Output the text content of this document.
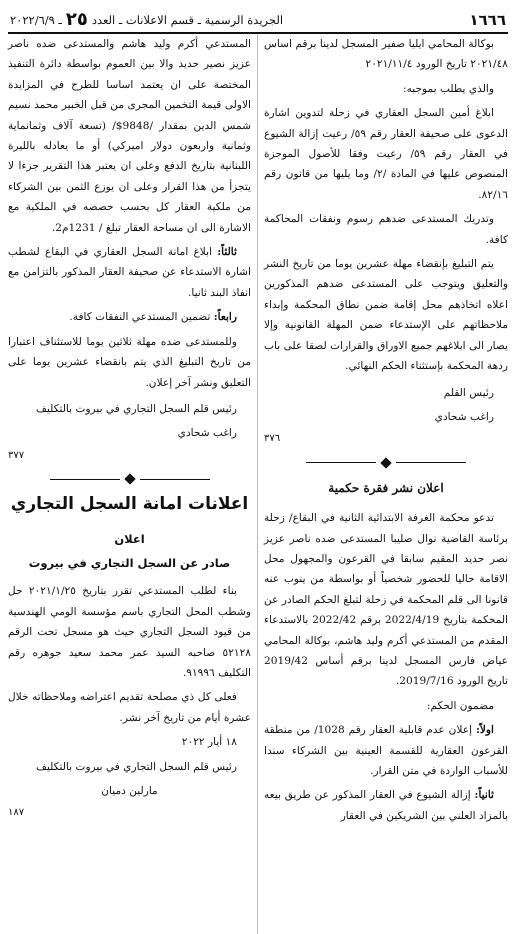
١٦٦٦
الجريدة الرسمية ـ قسم الاعلانات ـ العدد
٢٥
ـ ٢٠٢٢/٦/٩

بوكالة المحامي ايليا صفير المسجل لدينا برقم اساس ٢٠٢١/٤٨ تاريخ الورود ٢٠٢١/١١/٤

والذي يطلب بموجبه:

ابلاغ أمين السجل العقاري في زحلة لتدوين اشارة الدعوى على صحيفة العقار رقم ٥٩/ رعيت إزالة الشيوع في العقار رقم ٥٩/ رعيت وفقا للأصول الموجزة المنصوص عليها في المادة /٢/ وما يليها من قانون رقم ٨٢/١٦.

وتدريك المستدعى ضدهم رسوم ونفقات المحاكمة كافة.

يتم التبليغ بإنقضاء مهلة عشرين يوما من تاريخ النشر والتعليق ويتوجب على المستدعى ضدهم المذكورين اعلاه اتخاذهم محل إقامة ضمن نطاق المحكمة وإبداء ملاحظاتهم على الإستدعاء ضمن المهلة القانونية وإلا يصار الى ابلاغهم جميع الاوراق والقرارات لصقا على باب ردهة المحكمة بإستثناء الحكم النهائي.

رئيس القلم

راغب شحادي

٣٧٦
اعلان نشر فقرة حكمية

تدعو محكمة الغرفة الابتدائية الثانية في البقاع/ زحلة برئاسة القاضية نوال صليبا المستدعى ضده ناصر عزيز نصر حديد المقيم سابقا في القرعون والمجهول محل الاقامة حاليا للحضور شخصياً أو بواسطة من ينوب عنه قانونا الى قلم المحكمة في زحلة لتبلغ الحكم الصادر عن المحكمة بتاريخ 2022/4/19 برقم 2022/42 بالاستدعاء المقدم من المستدعي أكرم وليد هاشم، بوكالة المحامي عياض فارس المسجل لدينا برقم أساس 2019/42 تاريخ الورود 2019/7/16.

مضمون الحكم:

اولاً: إعلان عدم قابلية العقار رقم 1028/ من منطقة القرعون العقارية للقسمة العينية بين الشركاء سندا للأسباب الواردة في متن القرار.

ثانياً: إزالة الشيوع في العقار المذكور عن طريق بيعه بالمزاد العلني بين الشريكين في العقار

المستدعي أكرم وليد هاشم والمستدعى ضده ناصر عزيز نصير حديد والا بين العموم بواسطة دائرة التنفيذ المختصة على ان يعتمد اساسا للطرح في المزايدة الاولى قيمة التخمين المجرى من قبل الخبير محمد نسيم شمس الدين بمقدار /9848$/ (تسعة آلاف وثمانماية وثمانية واربعون دولار اميركي) أو ما يعادله بالليرة اللبنانية بتاريخ الدفع وعلى ان يعتبر هذا التقرير جزءا لا يتجزأ من هذا القرار وعلى ان يوزع الثمن بين الشركاء من ملكية العقار كل بحسب حصصه في الملكية مع الاشارة الى ان مساحة العقار تبلغ / 1231م2.

ثالثاً: ابلاغ امانة السجل العقاري في البقاع لشطب اشارة الاستدعاء عن صحيفة العقار المذكور بالتزامن مع انفاذ البند ثانيا.

رابعاً: تضمين المستدعي النفقات كافة.

وللمستدعى ضده مهلة ثلاثين يوما للاستئناف اعتبارا من تاريخ التبليغ الذي يتم بانقضاء عشرين يوما على التعليق ونشر آخر إعلان.

رئيس قلم السجل التجاري في بيروت بالتكليف

راغب شحادي

٣٧٧
اعلانات امانة السجل التجاري
اعلان
صادر عن السجل التجاري في بيروت

بناء لطلب المستدعي تقرر بتاريخ ٢٠٢١/١/٢٥ حل وشطب المحل التجاري باسم مؤسسة الومي الهندسية من قيود السجل التجاري حيث هو مسجل تحت الرقم ٥٢١٢٨ صاحبه السيد عمر محمد سعيد جوهره رقم التكليف ٩١٩٩٦.

فعلى كل ذي مصلحة تقديم اعتراضه وملاحظاته خلال عشرة أيام من تاريخ آخر نشر.

١٨ أيار ٢٠٢٢

رئيس قلم السجل التجاري في بيروت بالتكليف

مارلين دميان

١٨٧
